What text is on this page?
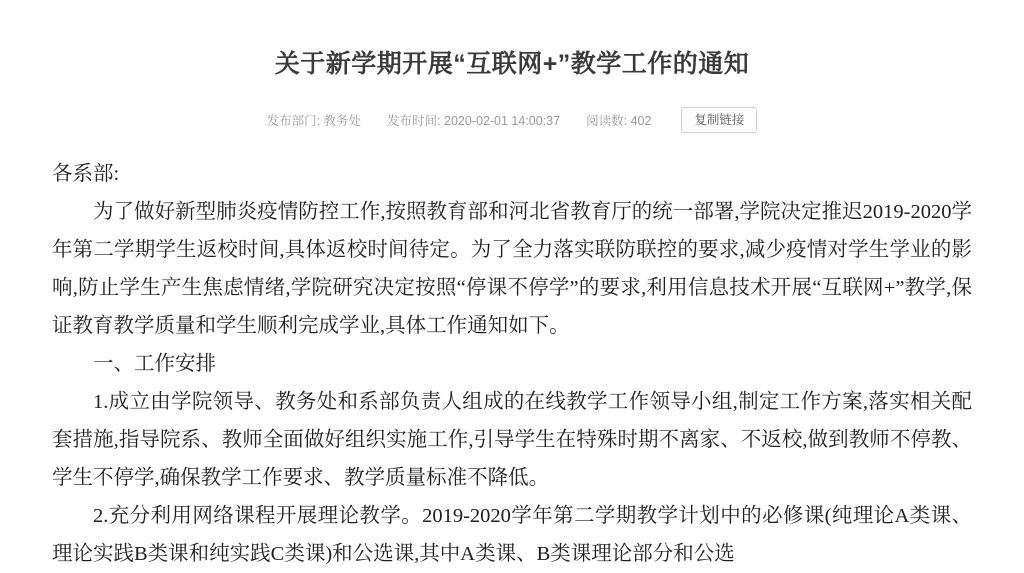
关于新学期开展“互联网+”教学工作的通知
发布部门: 教务处 发布时间: 2020-02-01 14:00:37 阅读数: 402	复制链接

各系部:

为了做好新型肺炎疫情防控工作,按照教育部和河北省教育厅的统一部署,学院决定推迟2019-2020学年第二学期学生返校时间,具体返校时间待定。为了全力落实联防联控的要求,减少疫情对学生学业的影响,防止学生产生焦虑情绪,学院研究决定按照“停课不停学”的要求,利用信息技术开展“互联网+”教学,保证教育教学质量和学生顺利完成学业,具体工作通知如下。

一、工作安排

1.成立由学院领导、教务处和系部负责人组成的在线教学工作领导小组,制定工作方案,落实相关配套措施,指导院系、教师全面做好组织实施工作,引导学生在特殊时期不离家、不返校,做到教师不停教、学生不停学,确保教学工作要求、教学质量标准不降低。

2.充分利用网络课程开展理论教学。2019-2020学年第二学期教学计划中的必修课(纯理论A类课、理论实践B类课和纯实践C类课)和公选课,其中A类课、B类课理论部分和公选
